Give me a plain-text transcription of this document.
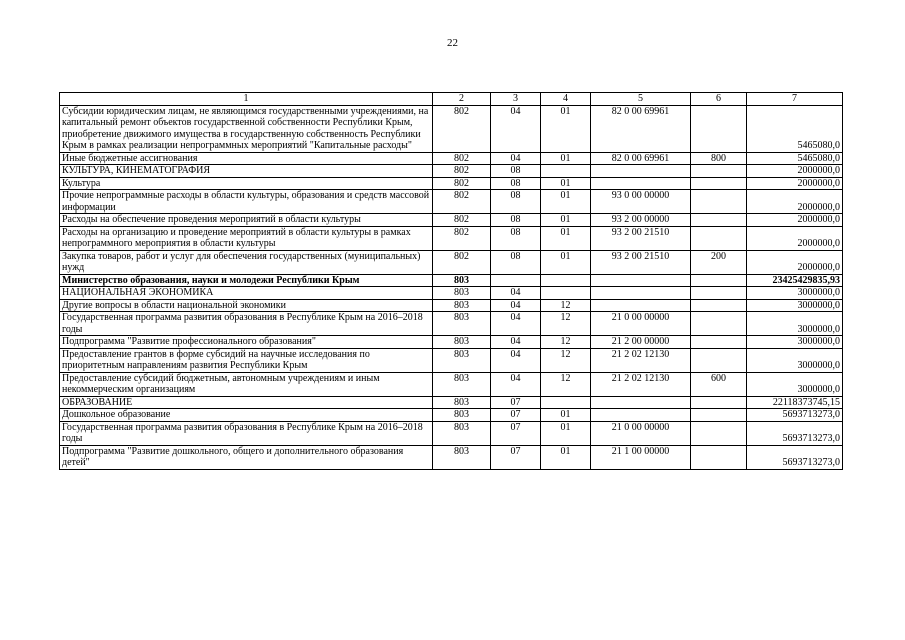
22
1	2	3	4	5	6	7
Субсидии юридическим лицам, не являющимся государственными учреждениями, на капитальный ремонт объектов государственной собственности Республики Крым, приобретение движимого имущества в государственную собственность Республики Крым в рамках реализации непрограммных мероприятий "Капитальные расходы"	802	04	01	82 0 00 69961		5465080,0
Иные бюджетные ассигнования	802	04	01	82 0 00 69961	800	5465080,0
КУЛЬТУРА, КИНЕМАТОГРАФИЯ	802	08				2000000,0
Культура	802	08	01			2000000,0
Прочие непрограммные расходы в области культуры, образования и средств массовой информации	802	08	01	93 0 00 00000		2000000,0
Расходы на обеспечение проведения мероприятий в области культуры	802	08	01	93 2 00 00000		2000000,0
Расходы на организацию и проведение мероприятий в области культуры в рамках непрограммного мероприятия в области культуры	802	08	01	93 2 00 21510		2000000,0
Закупка товаров, работ и услуг для обеспечения государственных (муниципальных) нужд	802	08	01	93 2 00 21510	200	2000000,0
Министерство образования, науки и молодежи Республики Крым	803					23425429835,93
НАЦИОНАЛЬНАЯ ЭКОНОМИКА	803	04				3000000,0
Другие вопросы в области национальной экономики	803	04	12			3000000,0
Государственная программа развития образования в Республике Крым на 2016–2018 годы	803	04	12	21 0 00 00000		3000000,0
Подпрограмма "Развитие профессионального образования"	803	04	12	21 2 00 00000		3000000,0
Предоставление грантов в форме субсидий на научные исследования по приоритетным направлениям развития Республики Крым	803	04	12	21 2 02 12130		3000000,0
Предоставление субсидий бюджетным, автономным учреждениям и иным некоммерческим организациям	803	04	12	21 2 02 12130	600	3000000,0
ОБРАЗОВАНИЕ	803	07				22118373745,15
Дошкольное образование	803	07	01			5693713273,0
Государственная программа развития образования в Республике Крым на 2016–2018 годы	803	07	01	21 0 00 00000		5693713273,0
Подпрограмма "Развитие дошкольного, общего и дополнительного образования детей"	803	07	01	21 1 00 00000		5693713273,0
